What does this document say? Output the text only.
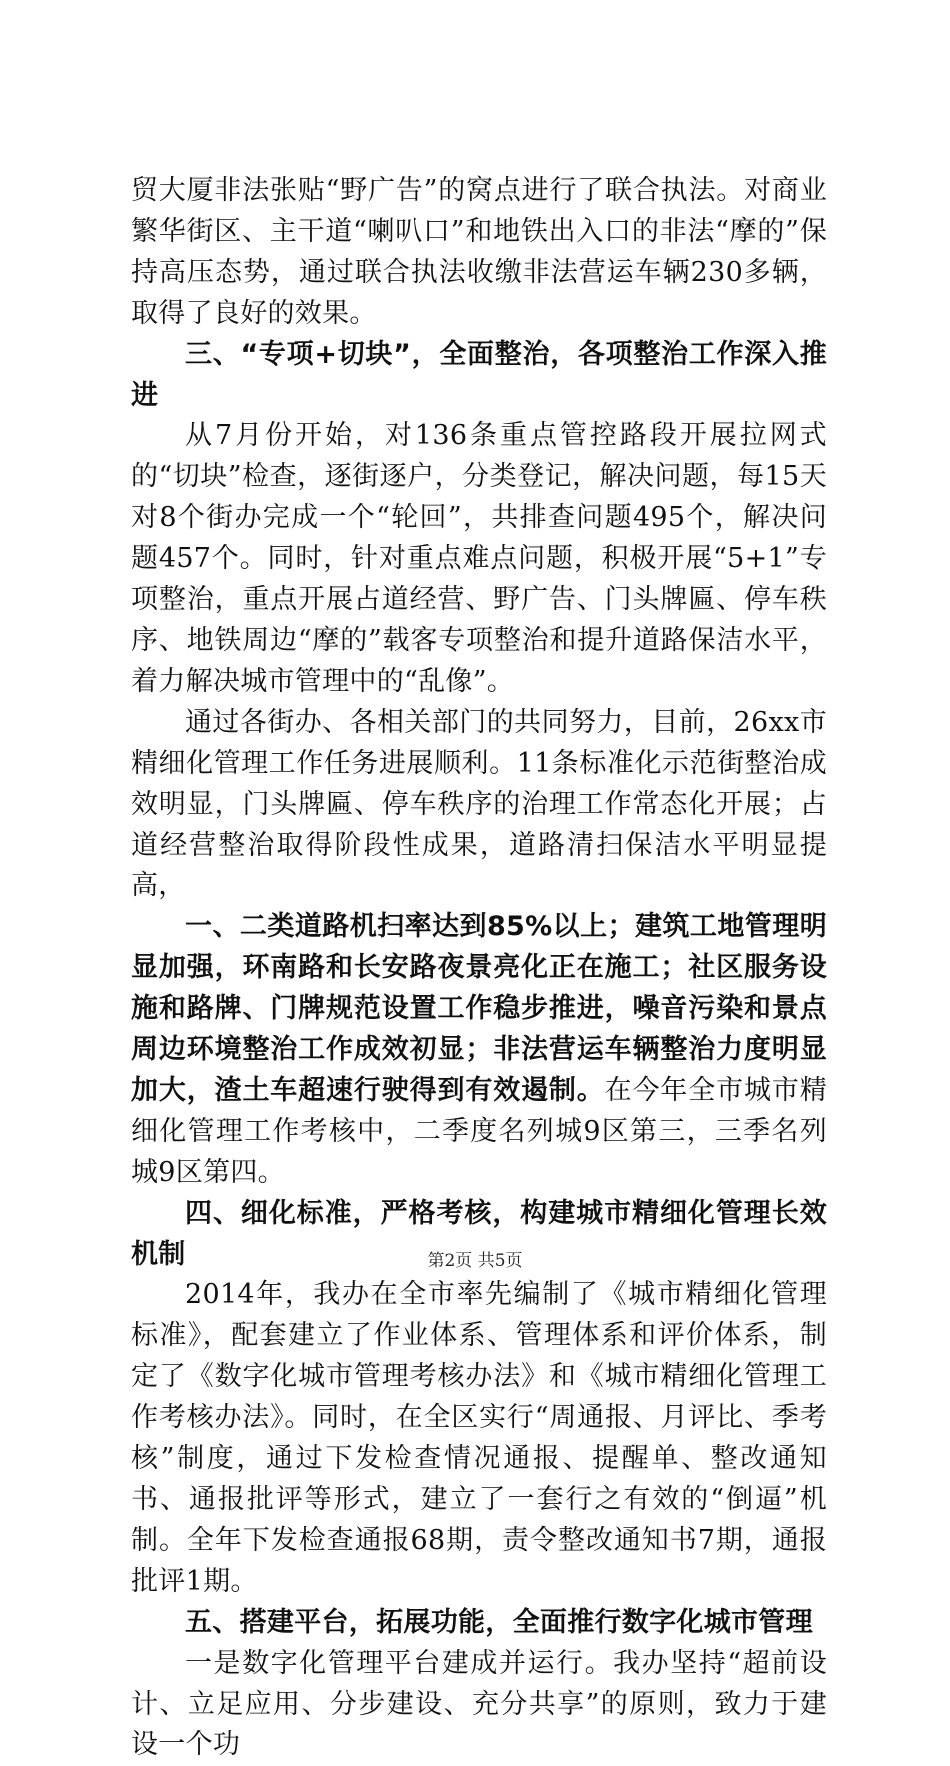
贸大厦非法张贴“野广告”的窝点进行了联合执法。对商业繁华街区、主干道“喇叭口”和地铁出入口的非法“摩的”保持高压态势，通过联合执法收缴非法营运车辆230多辆，取得了良好的效果。

三、“专项+切块”，全面整治，各项整治工作深入推进

从7月份开始，对136条重点管控路段开展拉网式的“切块”检查，逐街逐户，分类登记，解决问题，每15天对8个街办完成一个“轮回”，共排查问题495个，解决问题457个。同时，针对重点难点问题，积极开展“5+1”专项整治，重点开展占道经营、野广告、门头牌匾、停车秩序、地铁周边“摩的”载客专项整治和提升道路保洁水平，着力解决城市管理中的“乱像”。

通过各街办、各相关部门的共同努力，目前，26xx市精细化管理工作任务进展顺利。11条标准化示范街整治成效明显，门头牌匾、停车秩序的治理工作常态化开展；占道经营整治取得阶段性成果，道路清扫保洁水平明显提高，

一、二类道路机扫率达到85%以上；建筑工地管理明显加强，环南路和长安路夜景亮化正在施工；社区服务设施和路牌、门牌规范设置工作稳步推进，噪音污染和景点周边环境整治工作成效初显；非法营运车辆整治力度明显加大，渣土车超速行驶得到有效遏制。在今年全市城市精细化管理工作考核中，二季度名列城9区第三，三季名列城9区第四。

四、细化标准，严格考核，构建城市精细化管理长效机制

2014年，我办在全市率先编制了《城市精细化管理标准》，配套建立了作业体系、管理体系和评价体系，制定了《数字化城市管理考核办法》和《城市精细化管理工作考核办法》。同时，在全区实行“周通报、月评比、季考核”制度，通过下发检查情况通报、提醒单、整改通知书、通报批评等形式，建立了一套行之有效的“倒逼”机制。全年下发检查通报68期，责令整改通知书7期，通报批评1期。

五、搭建平台，拓展功能，全面推行数字化城市管理

一是数字化管理平台建成并运行。我办坚持“超前设计、立足应用、分步建设、充分共享”的原则，致力于建设一个功

第2页 共5页
